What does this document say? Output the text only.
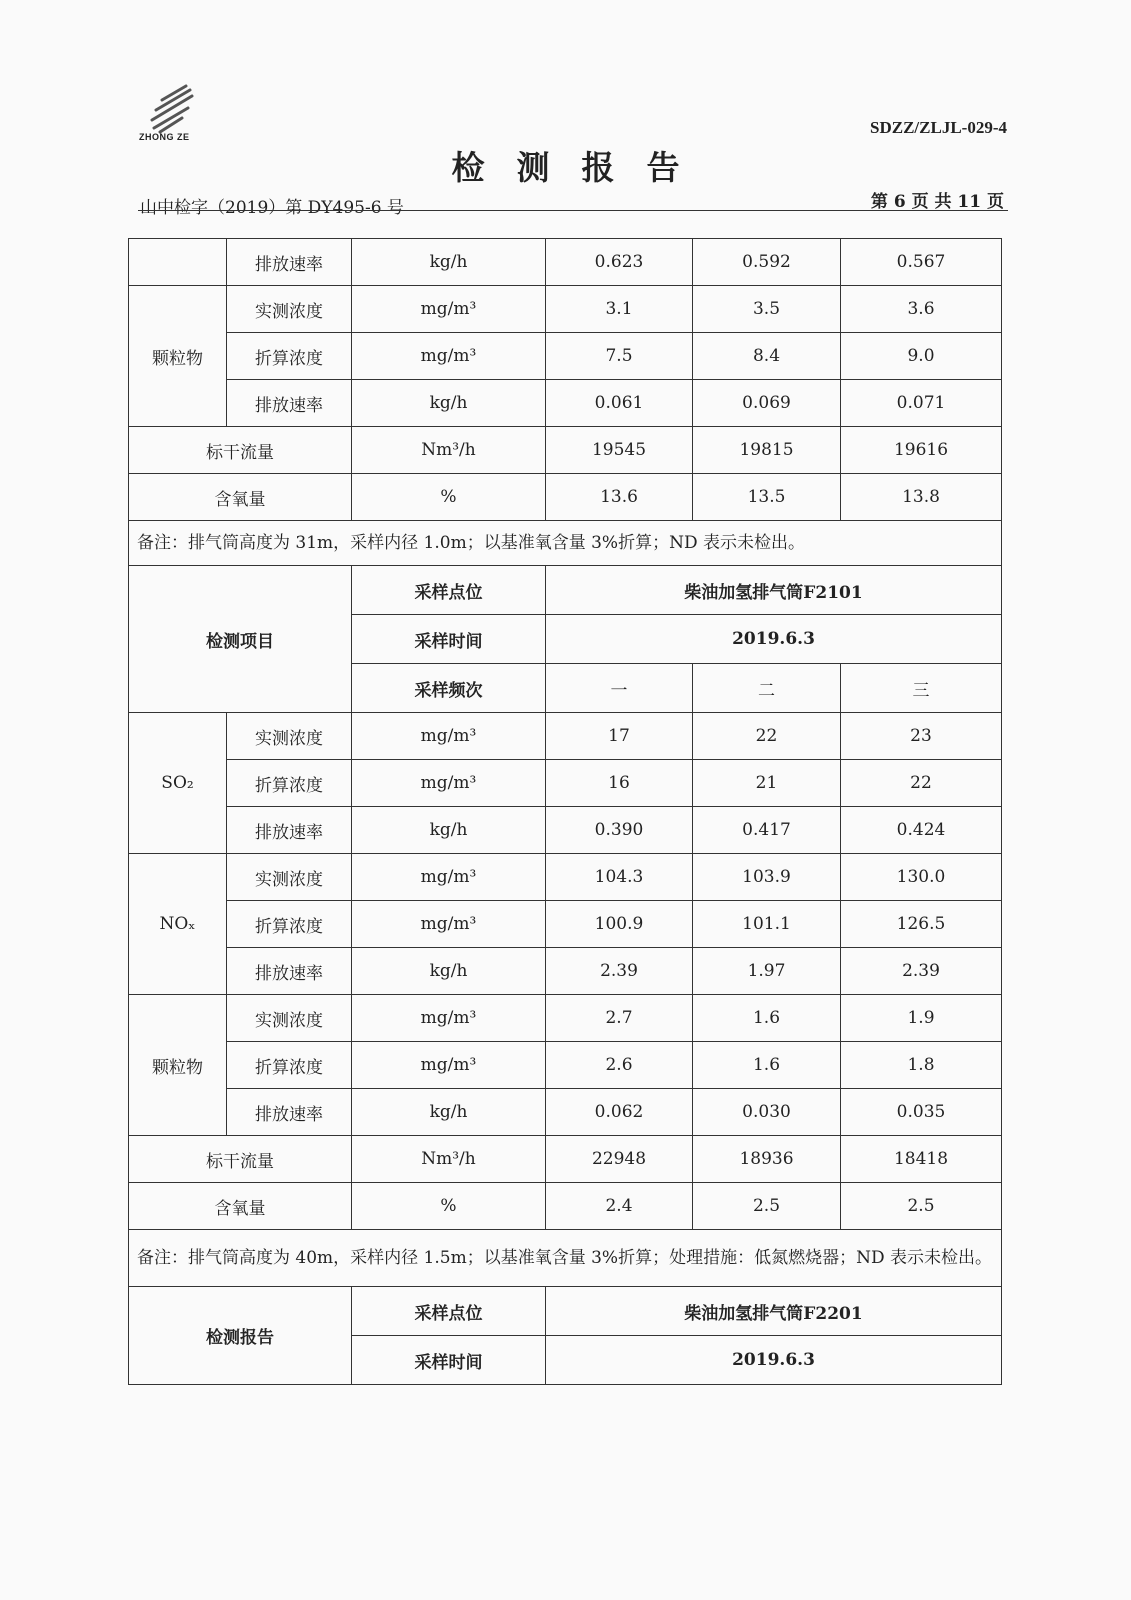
ZHONG ZE	SDZZ/ZLJL-029-4
检测报告
山中检字（2019）第 DY495-6 号	第 6 页 共 11 页
	排放速率	kg/h	0.623	0.592	0.567
颗粒物	实测浓度	mg/m³	3.1	3.5	3.6
	折算浓度	mg/m³	7.5	8.4	9.0
	排放速率	kg/h	0.061	0.069	0.071
标干流量		Nm³/h	19545	19815	19616
含氧量		%	13.6	13.5	13.8
备注：排气筒高度为 31m，采样内径 1.0m；以基准氧含量 3%折算；ND 表示未检出。					
检测项目		采样点位	柴油加氢排气筒F2101		
		采样时间	2019.6.3		
		采样频次	一	二	三
SO₂	实测浓度	mg/m³	17	22	23
	折算浓度	mg/m³	16	21	22
	排放速率	kg/h	0.390	0.417	0.424
NOₓ	实测浓度	mg/m³	104.3	103.9	130.0
	折算浓度	mg/m³	100.9	101.1	126.5
	排放速率	kg/h	2.39	1.97	2.39
颗粒物	实测浓度	mg/m³	2.7	1.6	1.9
	折算浓度	mg/m³	2.6	1.6	1.8
	排放速率	kg/h	0.062	0.030	0.035
标干流量		Nm³/h	22948	18936	18418
含氧量		%	2.4	2.5	2.5
备注：排气筒高度为 40m，采样内径 1.5m；以基准氧含量 3%折算；处理措施：低氮燃烧器；ND 表示未检出。					
检测报告		采样点位	柴油加氢排气筒F2201		
		采样时间	2019.6.3		
